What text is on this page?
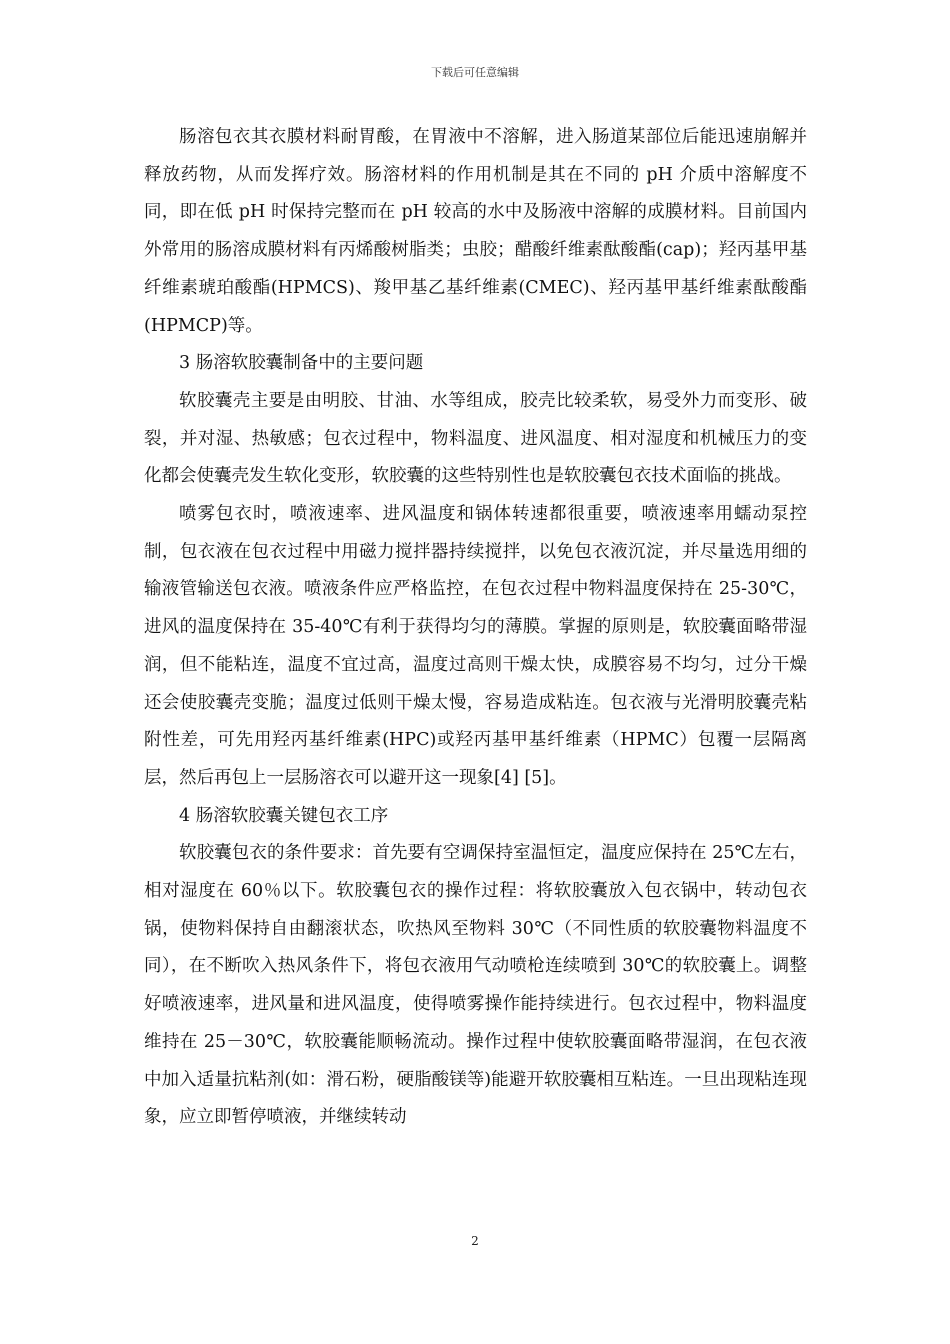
下载后可任意编辑

肠溶包衣其衣膜材料耐胃酸，在胃液中不溶解，进入肠道某部位后能迅速崩解并释放药物，从而发挥疗效。肠溶材料的作用机制是其在不同的 pH 介质中溶解度不同，即在低 pH 时保持完整而在 pH 较高的水中及肠液中溶解的成膜材料。目前国内外常用的肠溶成膜材料有丙烯酸树脂类；虫胶；醋酸纤维素酞酸酯(cap)；羟丙基甲基纤维素琥珀酸酯(HPMCS)、羧甲基乙基纤维素(CMEC)、羟丙基甲基纤维素酞酸酯(HPMCP)等。

3 肠溶软胶囊制备中的主要问题

软胶囊壳主要是由明胶、甘油、水等组成，胶壳比较柔软，易受外力而变形、破裂，并对湿、热敏感；包衣过程中，物料温度、进风温度、相对湿度和机械压力的变化都会使囊壳发生软化变形，软胶囊的这些特别性也是软胶囊包衣技术面临的挑战。

喷雾包衣时，喷液速率、进风温度和锅体转速都很重要，喷液速率用蠕动泵控制，包衣液在包衣过程中用磁力搅拌器持续搅拌，以免包衣液沉淀，并尽量选用细的输液管输送包衣液。喷液条件应严格监控，在包衣过程中物料温度保持在 25-30℃，进风的温度保持在 35-40℃有利于获得均匀的薄膜。掌握的原则是，软胶囊面略带湿润，但不能粘连，温度不宜过高，温度过高则干燥太快，成膜容易不均匀，过分干燥还会使胶囊壳变脆；温度过低则干燥太慢，容易造成粘连。包衣液与光滑明胶囊壳粘附性差，可先用羟丙基纤维素(HPC)或羟丙基甲基纤维素（HPMC）包覆一层隔离层，然后再包上一层肠溶衣可以避开这一现象[4] [5]。

4 肠溶软胶囊关键包衣工序

软胶囊包衣的条件要求：首先要有空调保持室温恒定，温度应保持在 25℃左右，相对湿度在 60％以下。软胶囊包衣的操作过程：将软胶囊放入包衣锅中，转动包衣锅，使物料保持自由翻滚状态，吹热风至物料 30℃（不同性质的软胶囊物料温度不同），在不断吹入热风条件下，将包衣液用气动喷枪连续喷到 30℃的软胶囊上。调整好喷液速率，进风量和进风温度，使得喷雾操作能持续进行。包衣过程中，物料温度维持在 25－30℃，软胶囊能顺畅流动。操作过程中使软胶囊面略带湿润，在包衣液中加入适量抗粘剂(如：滑石粉，硬脂酸镁等)能避开软胶囊相互粘连。一旦出现粘连现象，应立即暂停喷液，并继续转动

2
